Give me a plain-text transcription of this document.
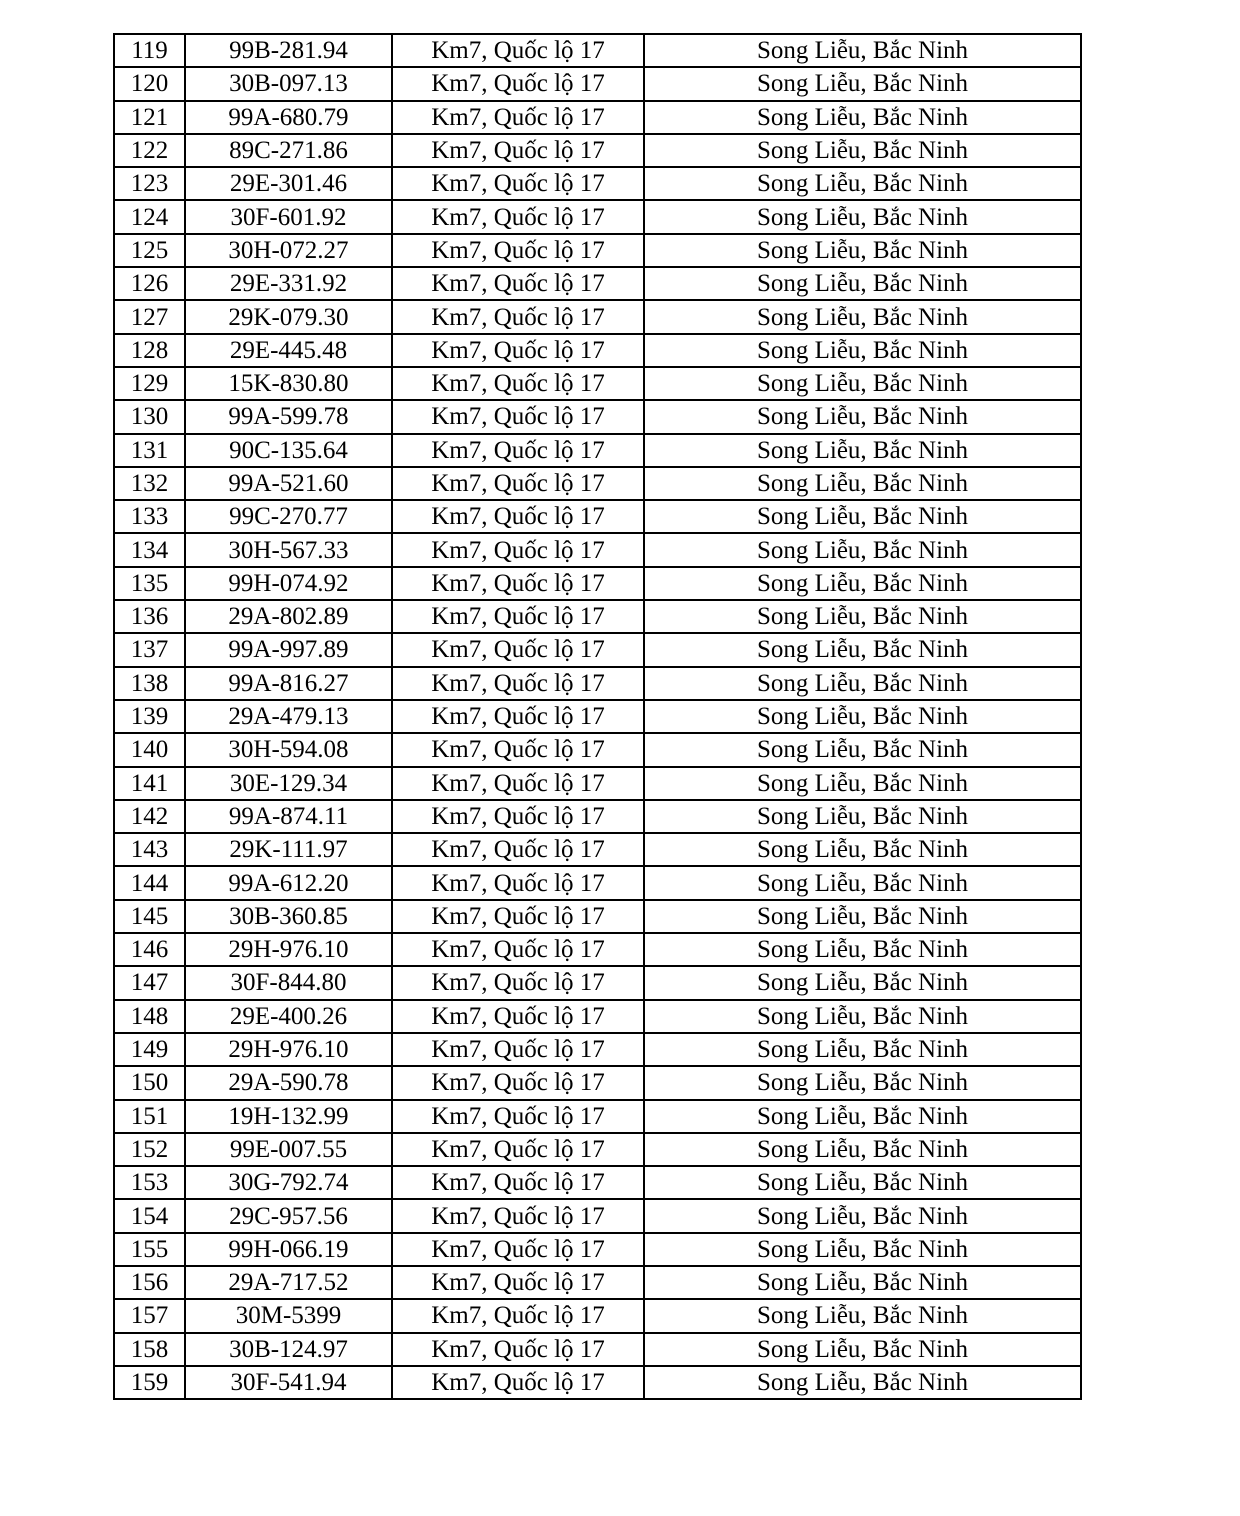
119	99B-281.94	Km7, Quốc lộ 17	Song Liễu, Bắc Ninh
120	30B-097.13	Km7, Quốc lộ 17	Song Liễu, Bắc Ninh
121	99A-680.79	Km7, Quốc lộ 17	Song Liễu, Bắc Ninh
122	89C-271.86	Km7, Quốc lộ 17	Song Liễu, Bắc Ninh
123	29E-301.46	Km7, Quốc lộ 17	Song Liễu, Bắc Ninh
124	30F-601.92	Km7, Quốc lộ 17	Song Liễu, Bắc Ninh
125	30H-072.27	Km7, Quốc lộ 17	Song Liễu, Bắc Ninh
126	29E-331.92	Km7, Quốc lộ 17	Song Liễu, Bắc Ninh
127	29K-079.30	Km7, Quốc lộ 17	Song Liễu, Bắc Ninh
128	29E-445.48	Km7, Quốc lộ 17	Song Liễu, Bắc Ninh
129	15K-830.80	Km7, Quốc lộ 17	Song Liễu, Bắc Ninh
130	99A-599.78	Km7, Quốc lộ 17	Song Liễu, Bắc Ninh
131	90C-135.64	Km7, Quốc lộ 17	Song Liễu, Bắc Ninh
132	99A-521.60	Km7, Quốc lộ 17	Song Liễu, Bắc Ninh
133	99C-270.77	Km7, Quốc lộ 17	Song Liễu, Bắc Ninh
134	30H-567.33	Km7, Quốc lộ 17	Song Liễu, Bắc Ninh
135	99H-074.92	Km7, Quốc lộ 17	Song Liễu, Bắc Ninh
136	29A-802.89	Km7, Quốc lộ 17	Song Liễu, Bắc Ninh
137	99A-997.89	Km7, Quốc lộ 17	Song Liễu, Bắc Ninh
138	99A-816.27	Km7, Quốc lộ 17	Song Liễu, Bắc Ninh
139	29A-479.13	Km7, Quốc lộ 17	Song Liễu, Bắc Ninh
140	30H-594.08	Km7, Quốc lộ 17	Song Liễu, Bắc Ninh
141	30E-129.34	Km7, Quốc lộ 17	Song Liễu, Bắc Ninh
142	99A-874.11	Km7, Quốc lộ 17	Song Liễu, Bắc Ninh
143	29K-111.97	Km7, Quốc lộ 17	Song Liễu, Bắc Ninh
144	99A-612.20	Km7, Quốc lộ 17	Song Liễu, Bắc Ninh
145	30B-360.85	Km7, Quốc lộ 17	Song Liễu, Bắc Ninh
146	29H-976.10	Km7, Quốc lộ 17	Song Liễu, Bắc Ninh
147	30F-844.80	Km7, Quốc lộ 17	Song Liễu, Bắc Ninh
148	29E-400.26	Km7, Quốc lộ 17	Song Liễu, Bắc Ninh
149	29H-976.10	Km7, Quốc lộ 17	Song Liễu, Bắc Ninh
150	29A-590.78	Km7, Quốc lộ 17	Song Liễu, Bắc Ninh
151	19H-132.99	Km7, Quốc lộ 17	Song Liễu, Bắc Ninh
152	99E-007.55	Km7, Quốc lộ 17	Song Liễu, Bắc Ninh
153	30G-792.74	Km7, Quốc lộ 17	Song Liễu, Bắc Ninh
154	29C-957.56	Km7, Quốc lộ 17	Song Liễu, Bắc Ninh
155	99H-066.19	Km7, Quốc lộ 17	Song Liễu, Bắc Ninh
156	29A-717.52	Km7, Quốc lộ 17	Song Liễu, Bắc Ninh
157	30M-5399	Km7, Quốc lộ 17	Song Liễu, Bắc Ninh
158	30B-124.97	Km7, Quốc lộ 17	Song Liễu, Bắc Ninh
159	30F-541.94	Km7, Quốc lộ 17	Song Liễu, Bắc Ninh
